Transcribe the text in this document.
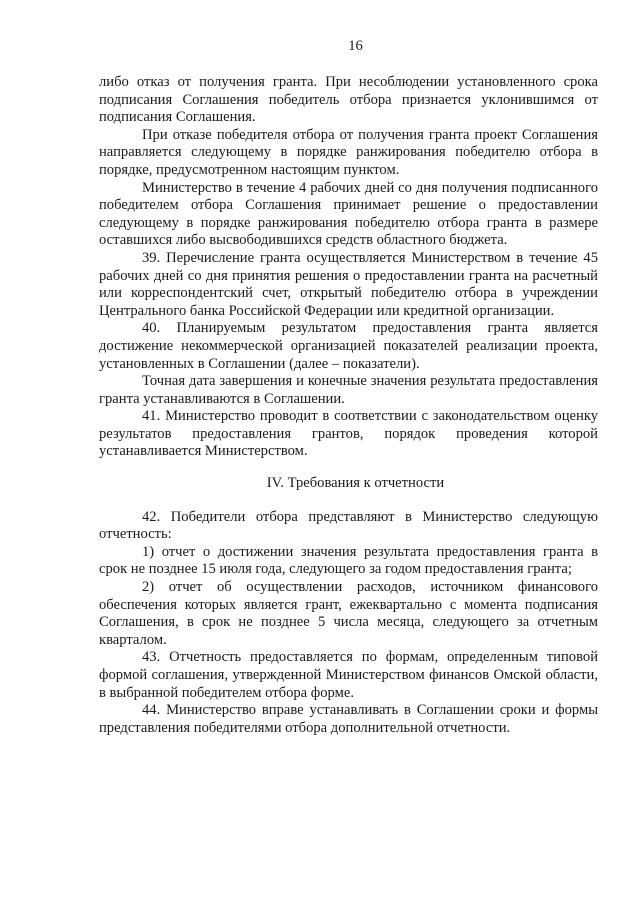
16

либо отказ от получения гранта. При несоблюдении установленного срока подписания Соглашения победитель отбора признается уклонившимся от подписания Соглашения.

При отказе победителя отбора от получения гранта проект Соглашения направляется следующему в порядке ранжирования победителю отбора в порядке, предусмотренном настоящим пунктом.

Министерство в течение 4 рабочих дней со дня получения подписанного победителем отбора Соглашения принимает решение о предоставлении следующему в порядке ранжирования победителю отбора гранта в размере оставшихся либо высвободившихся средств областного бюджета.

39. Перечисление гранта осуществляется Министерством в течение 45 рабочих дней со дня принятия решения о предоставлении гранта на расчетный или корреспондентский счет, открытый победителю отбора в учреждении Центрального банка Российской Федерации или кредитной организации.

40. Планируемым результатом предоставления гранта является достижение некоммерческой организацией показателей реализации проекта, установленных в Соглашении (далее – показатели).

Точная дата завершения и конечные значения результата предоставления гранта устанавливаются в Соглашении.

41. Министерство проводит в соответствии с законодательством оценку результатов предоставления грантов, порядок проведения которой устанавливается Министерством.

IV. Требования к отчетности

42. Победители отбора представляют в Министерство следующую отчетность:

1) отчет о достижении значения результата предоставления гранта в срок не позднее 15 июля года, следующего за годом предоставления гранта;

2) отчет об осуществлении расходов, источником финансового обеспечения которых является грант, ежеквартально с момента подписания Соглашения, в срок не позднее 5 числа месяца, следующего за отчетным кварталом.

43. Отчетность предоставляется по формам, определенным типовой формой соглашения, утвержденной Министерством финансов Омской области, в выбранной победителем отбора форме.

44. Министерство вправе устанавливать в Соглашении сроки и формы представления победителями отбора дополнительной отчетности.
